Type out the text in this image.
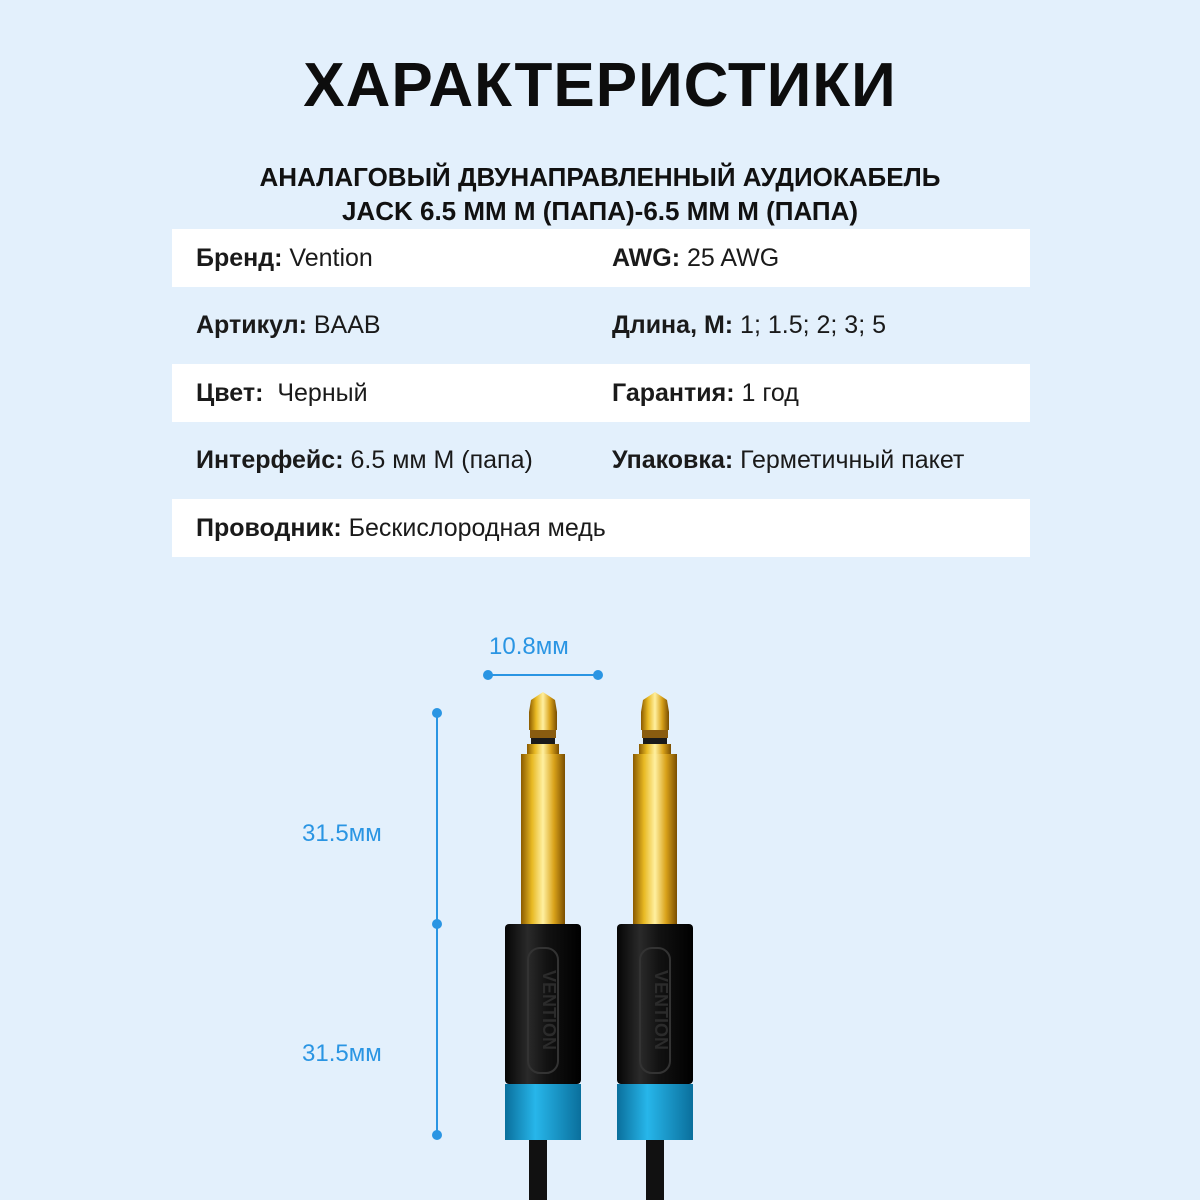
ХАРАКТЕРИСТИКИ
АНАЛАГОВЫЙ ДВУНАПРАВЛЕННЫЙ АУДИОКАБЕЛЬ
JACK 6.5 ММ М (ПАПА)-6.5 ММ М (ПАПА)
Бренд: Vention	AWG: 25 AWG
Артикул: BAAB	Длина, М: 1; 1.5; 2; 3; 5
Цвет:  Черный	Гарантия: 1 год
Интерфейс: 6.5 мм М (папа)	Упаковка: Герметичный пакет
Проводник: Бескислородная медь
VENTION	VENTION
10.8мм
31.5мм
31.5мм
